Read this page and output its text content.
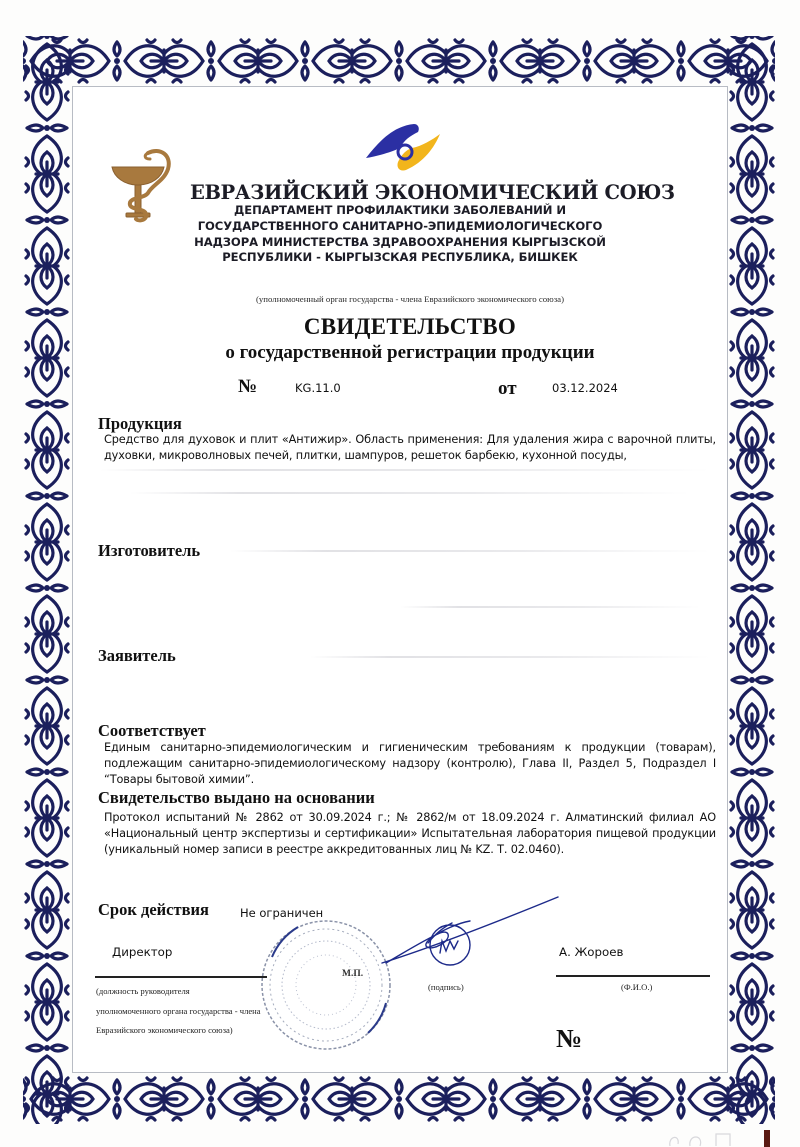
ЕВРАЗИЙСКИЙ ЭКОНОМИЧЕСКИЙ СОЮЗ
ДЕПАРТАМЕНТ ПРОФИЛАКТИКИ ЗАБОЛЕВАНИЙ И
ГОСУДАРСТВЕННОГО САНИТАРНО-ЭПИДЕМИОЛОГИЧЕСКОГО
НАДЗОРА МИНИСТЕРСТВА ЗДРАВООХРАНЕНИЯ КЫРГЫЗСКОЙ
РЕСПУБЛИКИ - КЫРГЫЗСКАЯ РЕСПУБЛИКА, БИШКЕК
(уполномоченный орган государства - члена Евразийского экономического союза)
СВИДЕТЕЛЬСТВО
о государственной регистрации продукции
№	KG.11.0	от	03.12.2024
Продукция
Средство для духовок и плит «Антижир». Область применения: Для удаления жира с варочной плиты, духовки, микроволновых печей, плитки, шампуров, решеток барбекю, кухонной посуды,
Изготовитель
Заявитель
Соответствует
Единым санитарно-эпидемиологическим и гигиеническим требованиям к продукции (товарам), подлежащим санитарно-эпидемиологическому надзору (контролю), Глава II, Раздел 5, Подраздел I “Товары бытовой химии”.
Свидетельство выдано на основании
Протокол испытаний № 2862 от 30.09.2024 г.; № 2862/м от 18.09.2024 г. Алматинский филиал АО «Национальный центр экспертизы и сертификации» Испытательная лаборатория пищевой продукции (уникальный номер записи в реестре аккредитованных лиц № KZ. Т. 02.0460).
Срок действия	Не ограничен
М.П.
Директор
(должность руководителя
уполномоченного органа государства - члена
Евразийского экономического союза)
(подпись)
А. Жороев
(Ф.И.О.)
№
